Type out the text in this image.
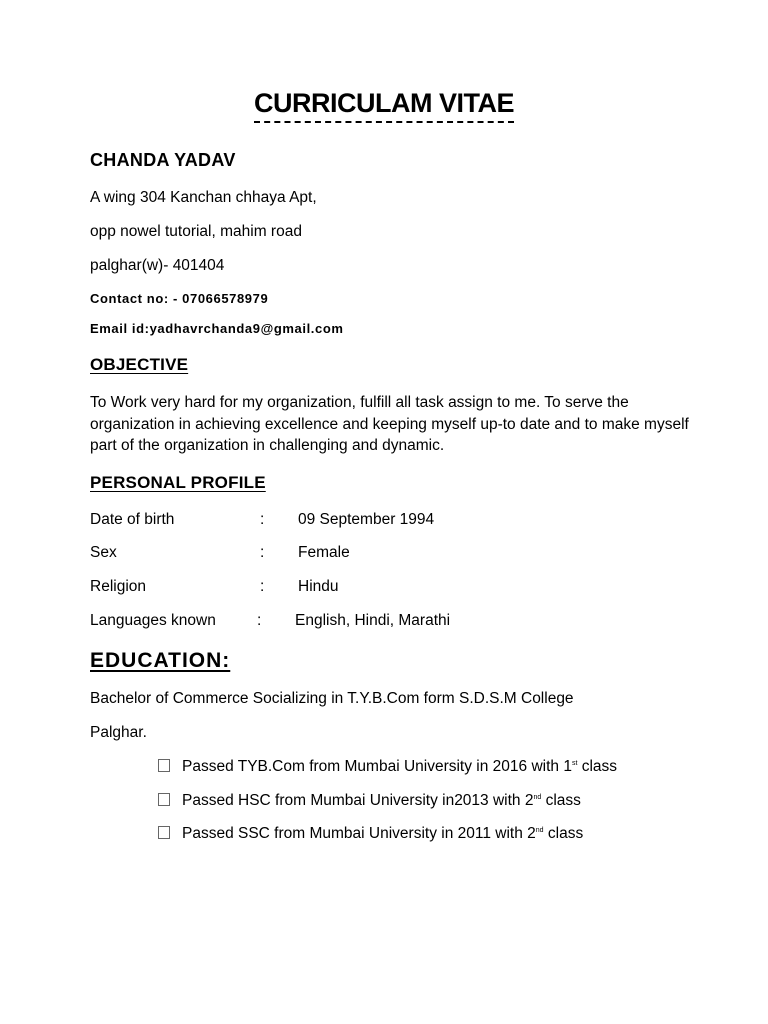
CURRICULAM VITAE
CHANDA YADAV
A wing 304 Kanchan chhaya Apt,
opp nowel tutorial, mahim road
palghar(w)- 401404
Contact no: - 07066578979
Email id:yadhavrchanda9@gmail.com
OBJECTIVE
To Work very hard for my organization, fulfill all task assign to me. To serve the organization in achieving excellence and keeping myself up-to date and to make myself part of the organization in challenging and dynamic.
PERSONAL PROFILE
Date of birth	: 09 September 1994
Sex	: Female
Religion	: Hindu
Languages known	: English, Hindi, Marathi
EDUCATION:
Bachelor of Commerce Socializing in T.Y.B.Com form S.D.S.M College
Palghar.
Passed TYB.Com from Mumbai University in 2016 with 1st class
Passed HSC from Mumbai University in2013 with 2nd class
Passed SSC from Mumbai University in 2011 with 2nd class
